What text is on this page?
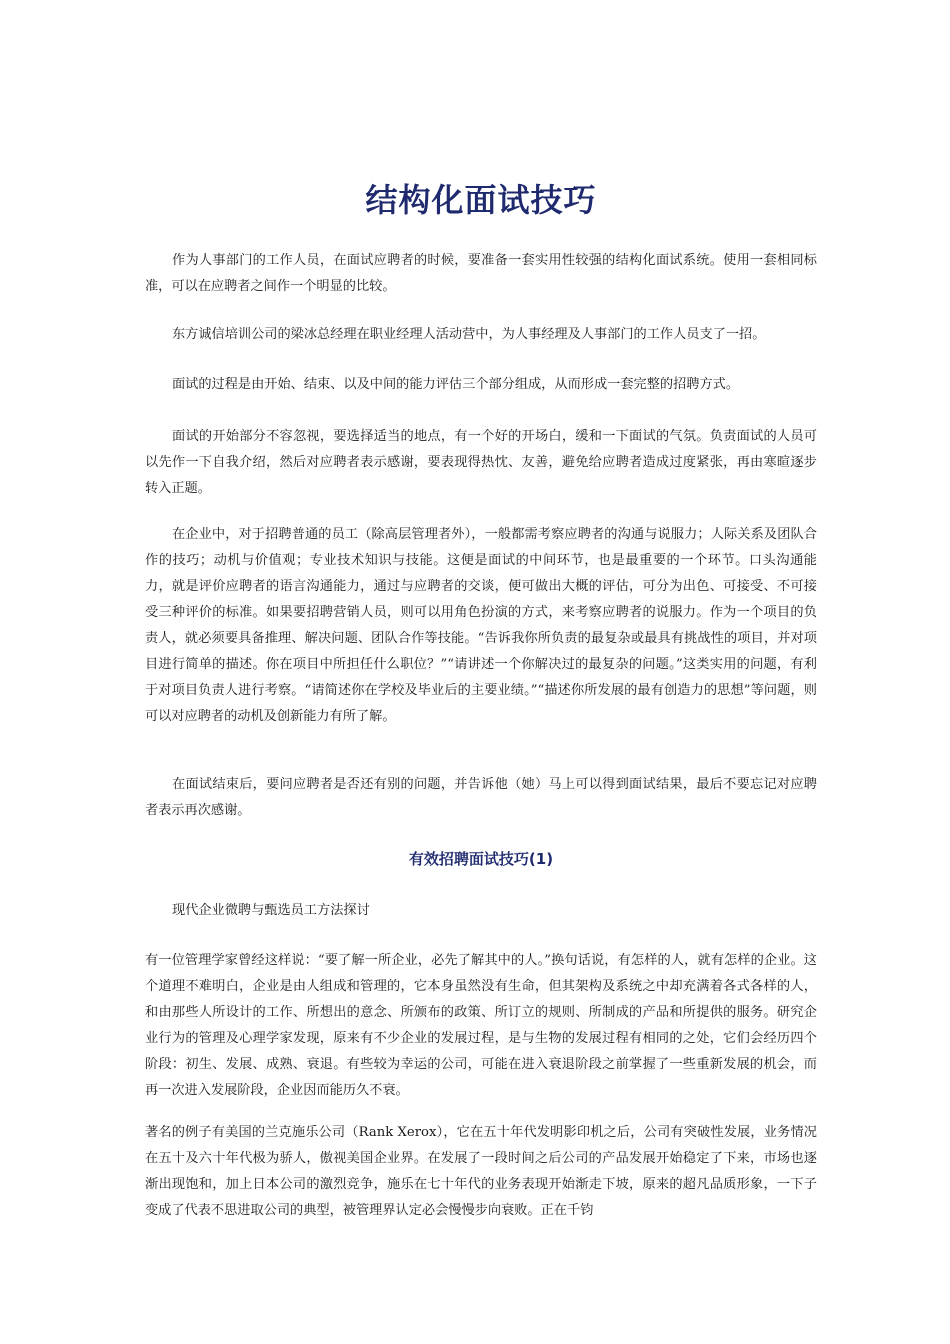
结构化面试技巧

作为人事部门的工作人员，在面试应聘者的时候，要准备一套实用性较强的结构化面试系统。使用一套相同标准，可以在应聘者之间作一个明显的比较。

东方诚信培训公司的梁冰总经理在职业经理人活动营中，为人事经理及人事部门的工作人员支了一招。

面试的过程是由开始、结束、以及中间的能力评估三个部分组成，从而形成一套完整的招聘方式。

面试的开始部分不容忽视，要选择适当的地点，有一个好的开场白，缓和一下面试的气氛。负责面试的人员可以先作一下自我介绍，然后对应聘者表示感谢，要表现得热忱、友善，避免给应聘者造成过度紧张，再由寒暄逐步转入正题。

在企业中，对于招聘普通的员工（除高层管理者外），一般都需考察应聘者的沟通与说服力；人际关系及团队合作的技巧；动机与价值观；专业技术知识与技能。这便是面试的中间环节，也是最重要的一个环节。口头沟通能力，就是评价应聘者的语言沟通能力，通过与应聘者的交谈，便可做出大概的评估，可分为出色、可接受、不可接受三种评价的标准。如果要招聘营销人员，则可以用角色扮演的方式，来考察应聘者的说服力。作为一个项目的负责人，就必须要具备推理、解决问题、团队合作等技能。“告诉我你所负责的最复杂或最具有挑战性的项目，并对项目进行简单的描述。你在项目中所担任什么职位？”“请讲述一个你解决过的最复杂的问题。”这类实用的问题，有利于对项目负责人进行考察。“请简述你在学校及毕业后的主要业绩。”“描述你所发展的最有创造力的思想”等问题，则可以对应聘者的动机及创新能力有所了解。

在面试结束后，要问应聘者是否还有别的问题，并告诉他（她）马上可以得到面试结果，最后不要忘记对应聘者表示再次感谢。

有效招聘面试技巧(1)

现代企业微聘与甄选员工方法探讨

有一位管理学家曾经这样说：“要了解一所企业，必先了解其中的人。”换句话说，有怎样的人，就有怎样的企业。这个道理不难明白，企业是由人组成和管理的，它本身虽然没有生命，但其架构及系统之中却充满着各式各样的人，和由那些人所设计的工作、所想出的意念、所颁布的政策、所订立的规则、所制成的产品和所提供的服务。研究企业行为的管理及心理学家发现，原来有不少企业的发展过程，是与生物的发展过程有相同的之处，它们会经历四个阶段：初生、发展、成熟、衰退。有些较为幸运的公司，可能在进入衰退阶段之前掌握了一些重新发展的机会，而再一次进入发展阶段，企业因而能历久不衰。

著名的例子有美国的兰克施乐公司（Rank Xerox），它在五十年代发明影印机之后，公司有突破性发展，业务情况在五十及六十年代极为骄人，傲视美国企业界。在发展了一段时间之后公司的产品发展开始稳定了下来，市场也逐渐出现饱和，加上日本公司的激烈竞争，施乐在七十年代的业务表现开始渐走下坡，原来的超凡品质形象，一下子变成了代表不思进取公司的典型，被管理界认定必会慢慢步向衰败。正在千钧
